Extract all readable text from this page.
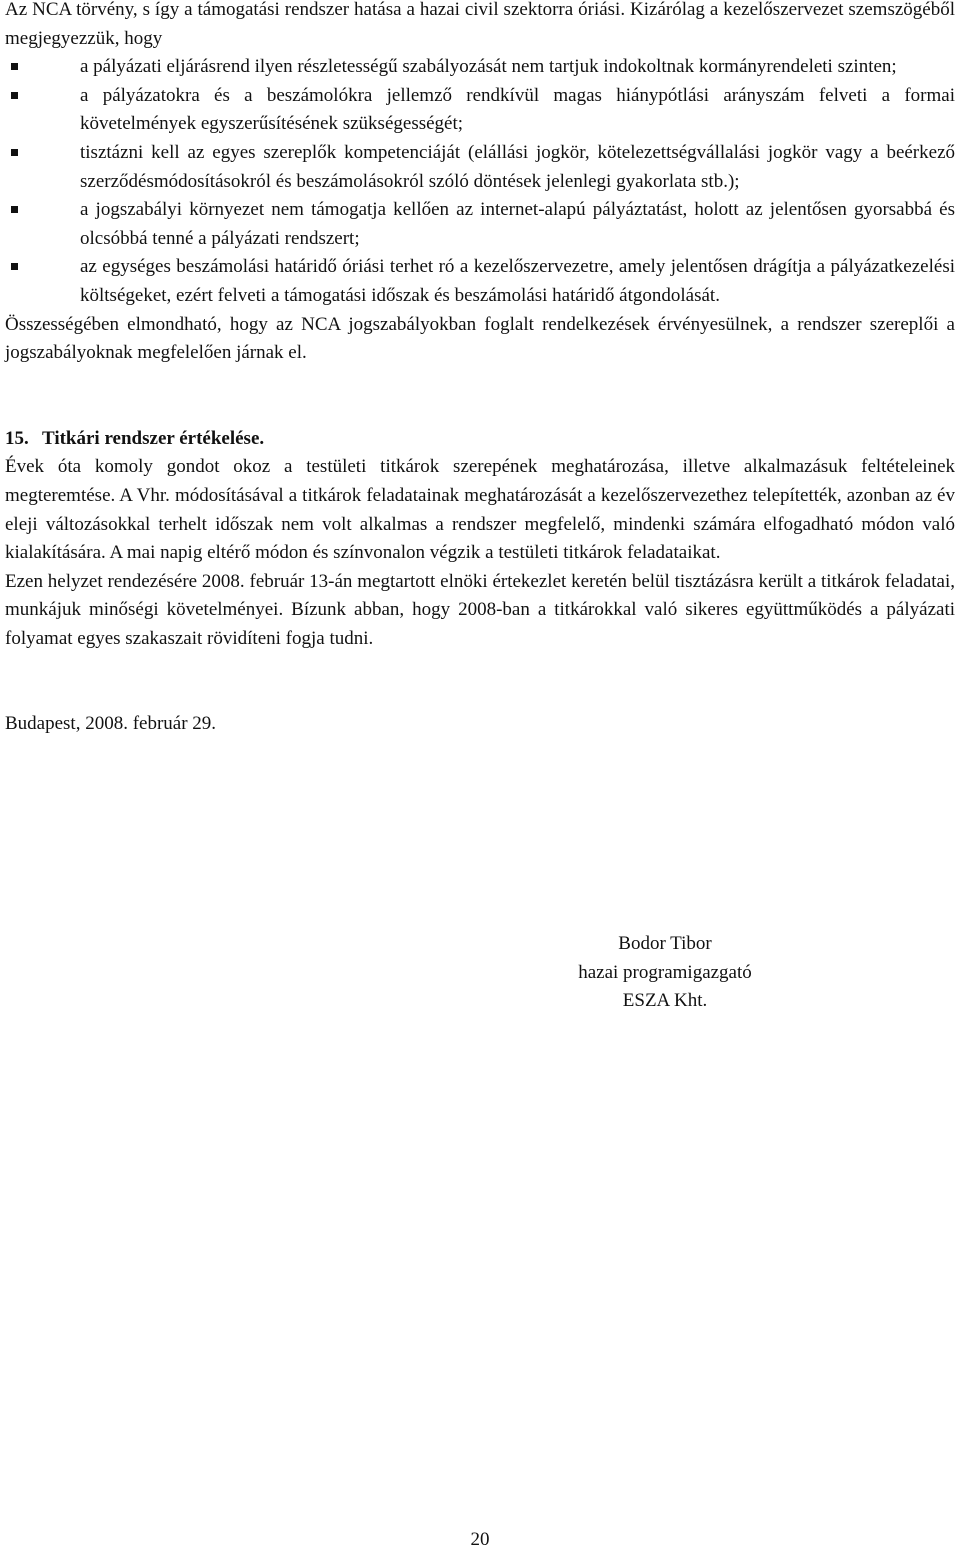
Az NCA törvény, s így a támogatási rendszer hatása a hazai civil szektorra óriási. Kizárólag a kezelőszervezet szemszögéből megjegyezzük, hogy

a pályázati eljárásrend ilyen részletességű szabályozását nem tartjuk indokoltnak kormányrendeleti szinten;
a pályázatokra és a beszámolókra jellemző rendkívül magas hiánypótlási arányszám felveti a formai követelmények egyszerűsítésének szükségességét;
tisztázni kell az egyes szereplők kompetenciáját (elállási jogkör, kötelezettségvállalási jogkör vagy a beérkező szerződésmódosításokról és beszámolásokról szóló döntések jelenlegi gyakorlata stb.);
a jogszabályi környezet nem támogatja kellően az internet-alapú pályáztatást, holott az jelentősen gyorsabbá és olcsóbbá tenné a pályázati rendszert;
az egységes beszámolási határidő óriási terhet ró a kezelőszervezetre, amely jelentősen drágítja a pályázatkezelési költségeket, ezért felveti a támogatási időszak és beszámolási határidő átgondolását.

Összességében elmondható, hogy az NCA jogszabályokban foglalt rendelkezések érvényesülnek, a rendszer szereplői a jogszabályoknak megfelelően járnak el.

15. Titkári rendszer értékelése.

Évek óta komoly gondot okoz a testületi titkárok szerepének meghatározása, illetve alkalmazásuk feltételeinek megteremtése. A Vhr. módosításával a titkárok feladatainak meghatározását a kezelőszervezethez telepítették, azonban az év eleji változásokkal terhelt időszak nem volt alkalmas a rendszer megfelelő, mindenki számára elfogadható módon való kialakítására. A mai napig eltérő módon és színvonalon végzik a testületi titkárok feladataikat.

Ezen helyzet rendezésére 2008. február 13-án megtartott elnöki értekezlet keretén belül tisztázásra került a titkárok feladatai, munkájuk minőségi követelményei. Bízunk abban, hogy 2008-ban a titkárokkal való sikeres együttműködés a pályázati folyamat egyes szakaszait rövidíteni fogja tudni.

Budapest, 2008. február 29.

Bodor Tibor
hazai programigazgató
ESZA Kht.
20
